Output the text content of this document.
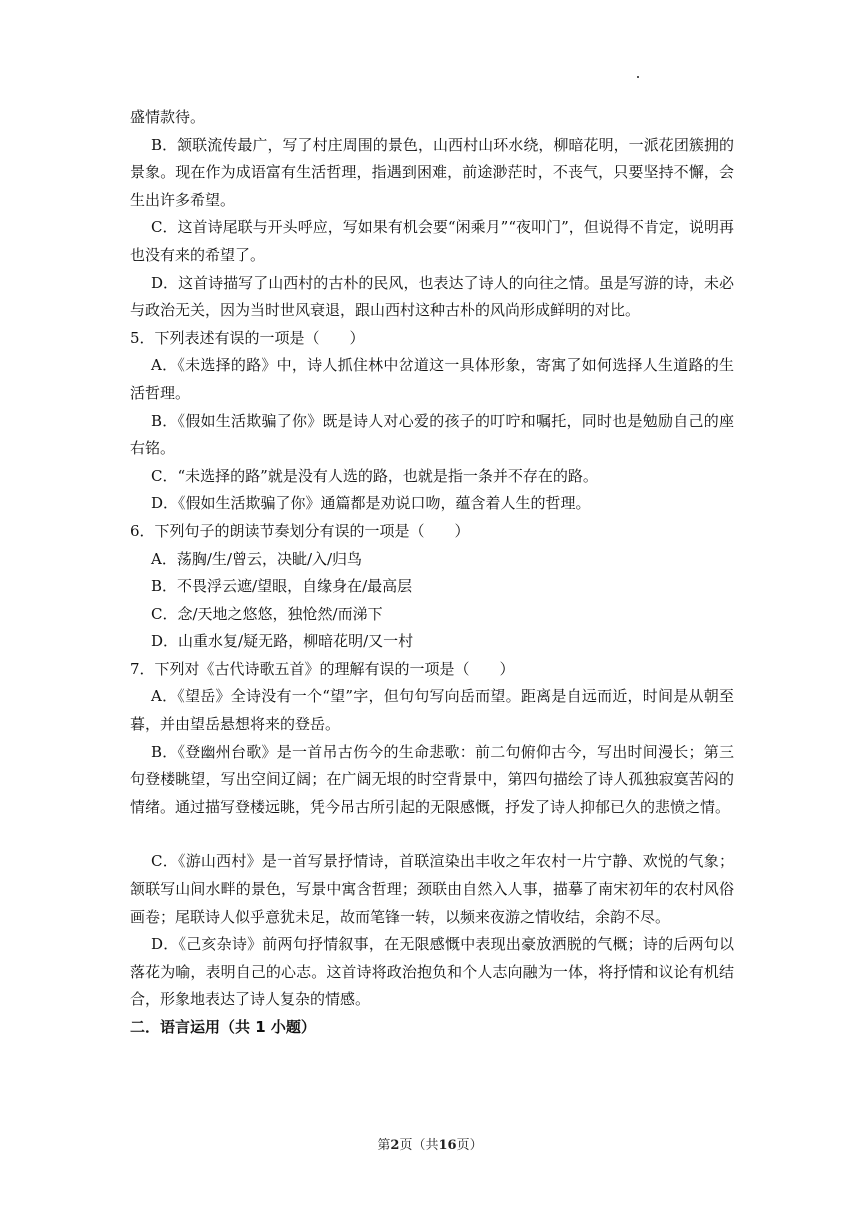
盛情款待。

B．颔联流传最广，写了村庄周围的景色，山西村山环水绕，柳暗花明，一派花团簇拥的景象。现在作为成语富有生活哲理，指遇到困难，前途渺茫时，不丧气，只要坚持不懈，会生出许多希望。

C．这首诗尾联与开头呼应，写如果有机会要“闲乘月”“夜叩门”，但说得不肯定，说明再也没有来的希望了。

D．这首诗描写了山西村的古朴的民风，也表达了诗人的向往之情。虽是写游的诗，未必与政治无关，因为当时世风衰退，跟山西村这种古朴的风尚形成鲜明的对比。

5．下列表述有误的一项是（　　）

A．《未选择的路》中，诗人抓住林中岔道这一具体形象，寄寓了如何选择人生道路的生活哲理。

B．《假如生活欺骗了你》既是诗人对心爱的孩子的叮咛和嘱托，同时也是勉励自己的座右铭。

C．“未选择的路”就是没有人选的路，也就是指一条并不存在的路。

D．《假如生活欺骗了你》通篇都是劝说口吻，蕴含着人生的哲理。

6．下列句子的朗读节奏划分有误的一项是（　　）

A．荡胸/生/曾云，决眦/入/归鸟

B．不畏浮云遮/望眼，自缘身在/最高层

C．念/天地之悠悠，独怆然/而涕下

D．山重水复/疑无路，柳暗花明/又一村

7．下列对《古代诗歌五首》的理解有误的一项是（　　）

A．《望岳》全诗没有一个“望”字，但句句写向岳而望。距离是自远而近，时间是从朝至暮，并由望岳悬想将来的登岳。

B．《登幽州台歌》是一首吊古伤今的生命悲歌：前二句俯仰古今，写出时间漫长；第三句登楼眺望，写出空间辽阔；在广阔无垠的时空背景中，第四句描绘了诗人孤独寂寞苦闷的情绪。通过描写登楼远眺，凭今吊古所引起的无限感慨，抒发了诗人抑郁已久的悲愤之情。

C．《游山西村》是一首写景抒情诗，首联渲染出丰收之年农村一片宁静、欢悦的气象；颔联写山间水畔的景色，写景中寓含哲理；颈联由自然入人事，描摹了南宋初年的农村风俗画卷；尾联诗人似乎意犹未足，故而笔锋一转，以频来夜游之情收结，余韵不尽。

D．《己亥杂诗》前两句抒情叙事，在无限感慨中表现出豪放洒脱的气概；诗的后两句以落花为喻，表明自己的心志。这首诗将政治抱负和个人志向融为一体，将抒情和议论有机结合，形象地表达了诗人复杂的情感。

二．语言运用（共 1 小题）

第2页（共16页）
